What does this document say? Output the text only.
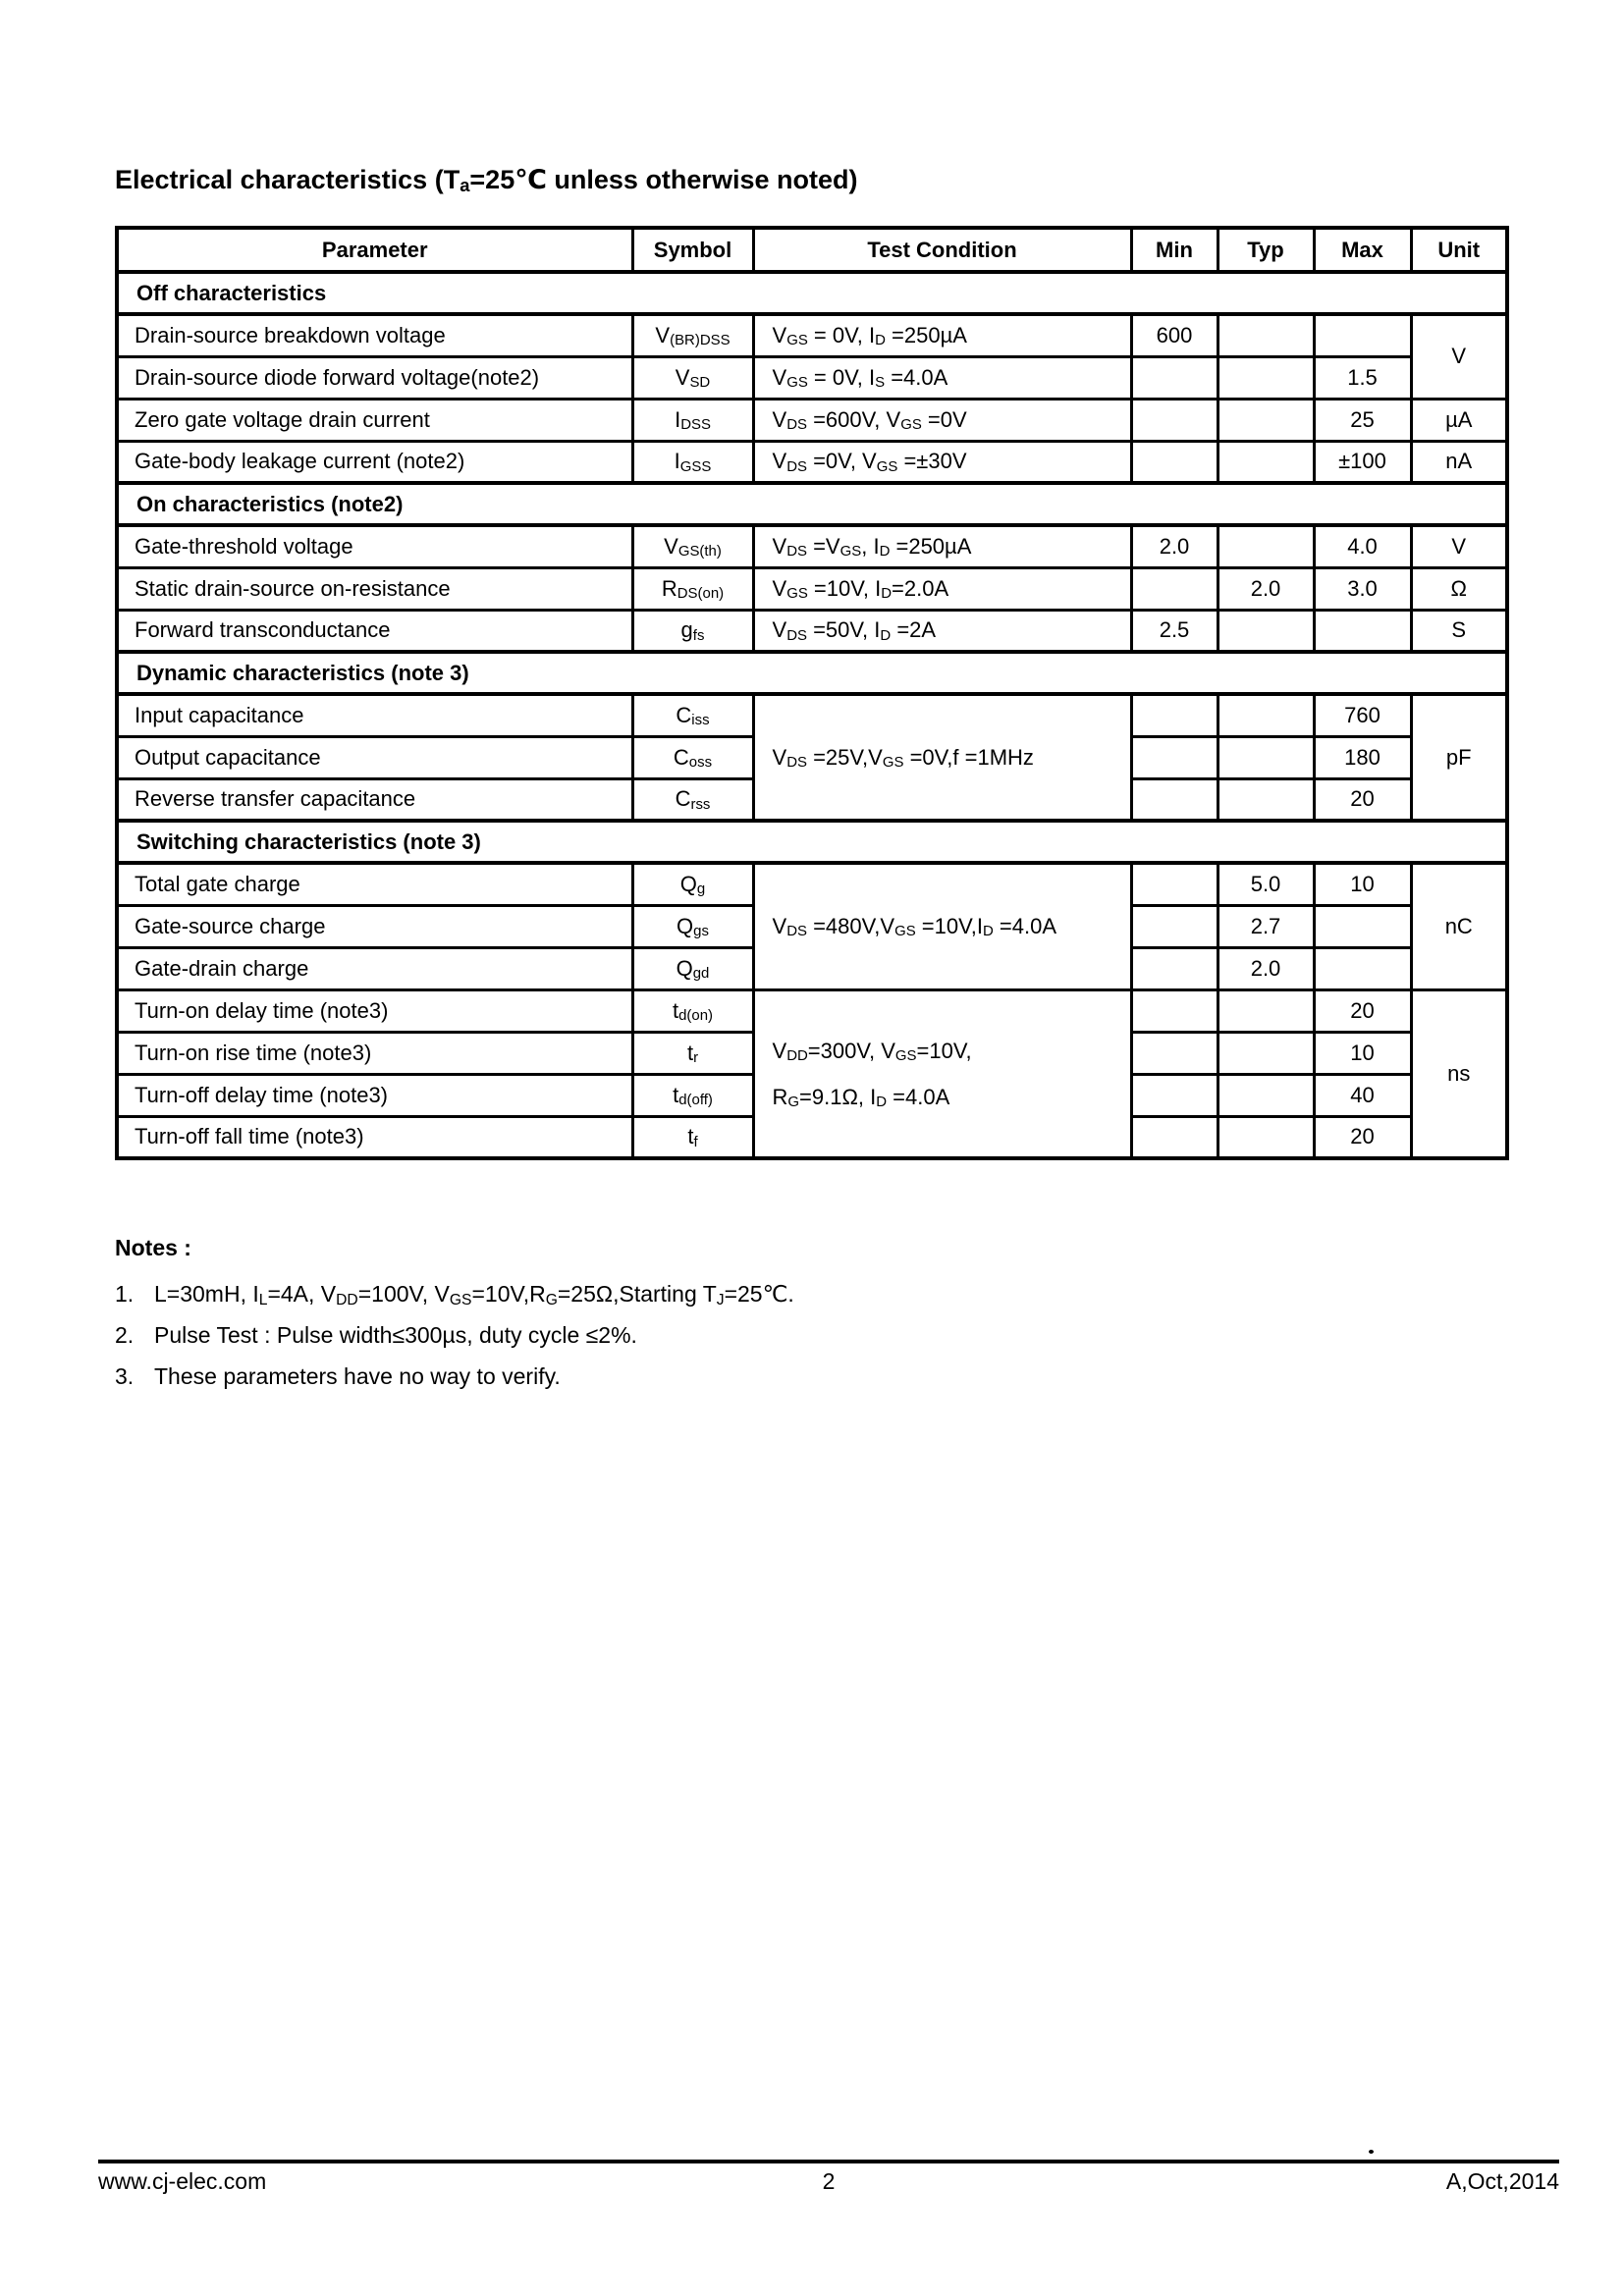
Electrical characteristics ($T_a=25℃$ unless otherwise noted)
Parameter	Symbol	Test Condition	Min	Typ	Max	Unit
Off characteristics						
Drain-source breakdown voltage	$V_{(BR)DSS}$	$V_{GS} = 0V$, $I_D =250\mu A$	600			V
Drain-source diode forward voltage(note2)	$V_{SD}$	$V_{GS} = 0V$, $I_S =4.0A$			1.5	
Zero gate voltage drain current	$I_{DSS}$	$V_{DS} =600V$, $V_{GS} =0V$			25	µA
Gate-body leakage current (note2)	$I_{GSS}$	$V_{DS} =0V$, $V_{GS} =\pm 30V$			±100	nA
On characteristics (note2)						
Gate-threshold voltage	$V_{GS(th)}$	$V_{DS} =V_{GS}$, $I_D =250\mu A$	2.0		4.0	V
Static drain-source on-resistance	$R_{DS(on)}$	$V_{GS} =10V$, $I_D=2.0A$		2.0	3.0	Ω
Forward transconductance	$g_{fs}$	$V_{DS} =50V$, $I_D =2A$	2.5			S
Dynamic characteristics (note 3)						
Input capacitance	$C_{iss}$	$V_{DS} =25V,V_{GS} =0V,f =1MHz$			760	pF
Output capacitance	$C_{oss}$				180	
Reverse transfer capacitance	$C_{rss}$				20	
Switching characteristics (note 3)						
Total gate charge	$Q_g$	$V_{DS} =480V,V_{GS} =10V,I_D =4.0A$		5.0	10	nC
Gate-source charge	$Q_{gs}$			2.7		
Gate-drain charge	$Q_{gd}$			2.0		
Turn-on delay time (note3)	$t_{d(on)}$	$V_{DD}=300V$, $V_{GS}=10V$,
$R_G=9.1\Omega$, $I_D =4.0A$			20	ns
Turn-on rise time (note3)	$t_r$				10	
Turn-off delay time (note3)	$t_{d(off)}$				40	
Turn-off fall time (note3)	$t_f$				20	
Notes :
1. L=30mH, $I_L=4A$, $V_{DD}=100V$, $V_{GS}=10V,R_G=25\Omega,Starting$ $T_J=25℃$.
2. Pulse Test : Pulse width≤300µs, duty cycle ≤2%.
3. These parameters have no way to verify.
www.cj-elec.com	2	A,Oct,2014
